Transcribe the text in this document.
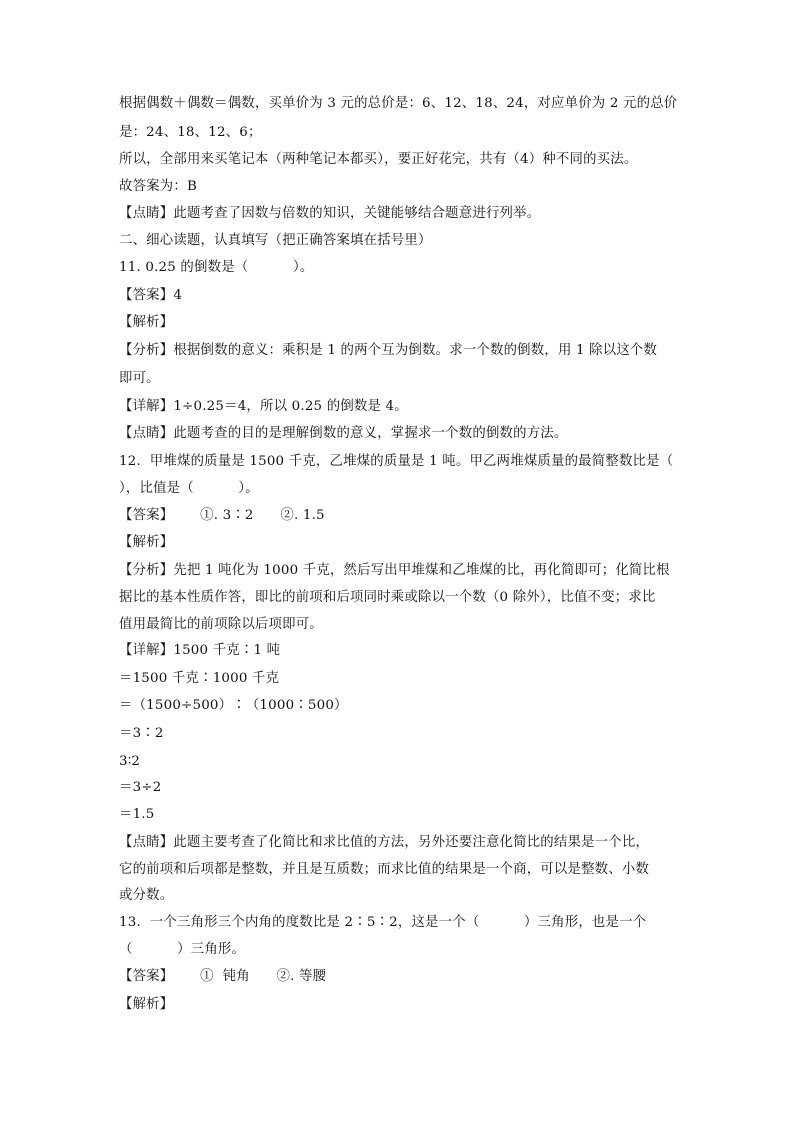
根据偶数＋偶数＝偶数，买单价为 3 元的总价是：6、12、18、24，对应单价为 2 元的总价
是：24、18、12、6；
所以，全部用来买笔记本（两种笔记本都买），要正好花完，共有（4）种不同的买法。
故答案为：B
【点睛】此题考查了因数与倍数的知识，关键能够结合题意进行列举。
二、细心读题，认真填写（把正确答案填在括号里）
11. 0.25 的倒数是（          ）。
【答案】4
【解析】
【分析】根据倒数的意义：乘积是 1 的两个互为倒数。求一个数的倒数，用 1 除以这个数
即可。
【详解】1÷0.25＝4，所以 0.25 的倒数是 4。
【点睛】此题考查的目的是理解倒数的意义，掌握求一个数的倒数的方法。
12.  甲堆煤的质量是 1500 千克，乙堆煤的质量是 1 吨。甲乙两堆煤质量的最简整数比是（
），比值是（          ）。
【答案】      ①. 3∶2      ②. 1.5
【解析】
【分析】先把 1 吨化为 1000 千克，然后写出甲堆煤和乙堆煤的比，再化简即可；化简比根
据比的基本性质作答，即比的前项和后项同时乘或除以一个数（0 除外），比值不变；求比
值用最简比的前项除以后项即可。
【详解】1500 千克∶1 吨
＝1500 千克∶1000 千克
＝（1500÷500）∶（1000∶500）
＝3∶2
3∶2
＝3÷2
＝1.5
【点睛】此题主要考查了化简比和求比值的方法，另外还要注意化简比的结果是一个比，
它的前项和后项都是整数，并且是互质数；而求比值的结果是一个商，可以是整数、小数
或分数。
13.  一个三角形三个内角的度数比是 2∶5∶2，这是一个（          ）三角形，也是一个
（          ）三角形。
【答案】      ①  钝角      ②. 等腰
【解析】
